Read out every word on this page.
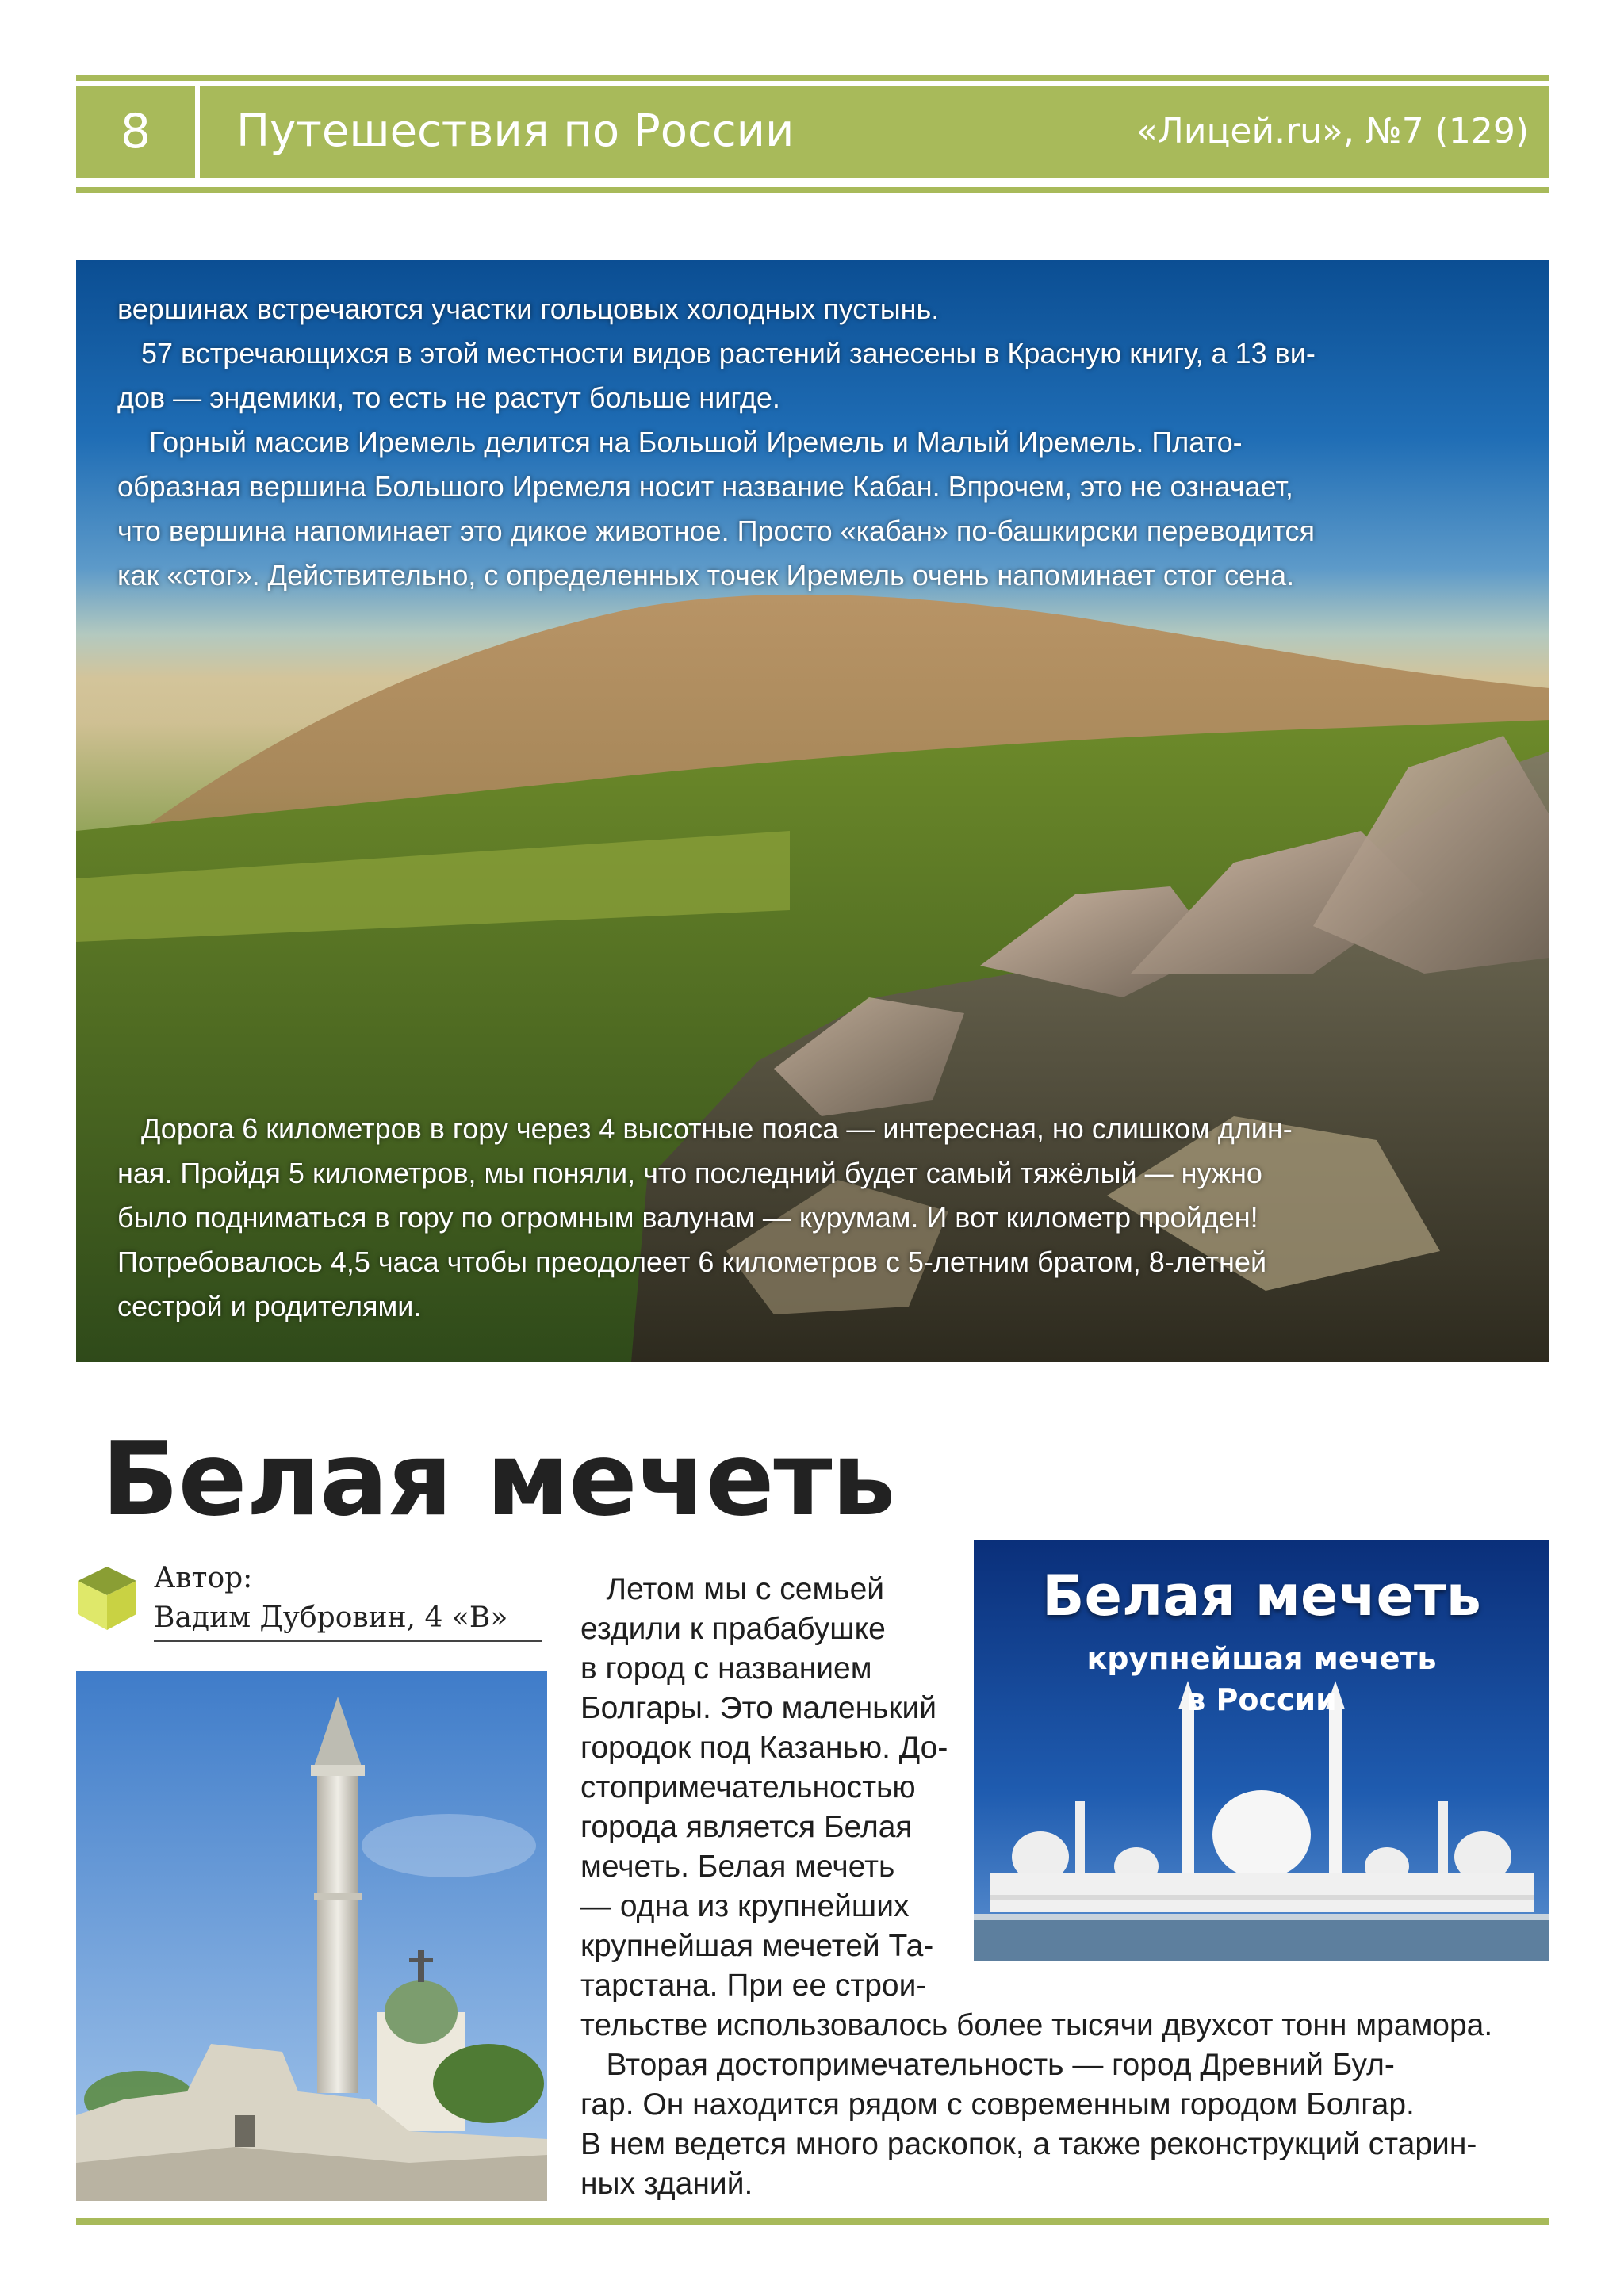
8	Путешествия по России	«Лицей.ru», №7 (129)

вершинах встречаются участки гольцовых холодных пустынь.
57 встречающихся в этой местности видов растений занесены в Красную книгу, а 13 ви-
дов — эндемики, то есть не растут больше нигде.
Горный массив Иремель делится на Большой Иремель и Малый Иремель. Плато-
образная вершина Большого Иремеля носит название Кабан. Впрочем, это не означает,
что вершина напоминает это дикое животное. Просто «кабан» по-башкирски переводится
как «стог». Действительно, с определенных точек Иремель очень напоминает стог сена.

Дорога 6 километров в гору через 4 высотные пояса — интересная, но слишком длин-
ная. Пройдя 5 километров, мы поняли, что последний будет самый тяжёлый — нужно
было подниматься в гору по огромным валунам — курумам. И вот километр пройден!
Потребовалось 4,5 часа чтобы преодолеет 6 километров с 5-летним братом, 8-летней
сестрой и родителями.

Белая мечеть
Автор:
Вадим Дубровин, 4 «В»

Летом мы с семьей
ездили к прабабушке
в город с названием
Болгары. Это маленький
городок под Казанью. До-
стопримечательностью
города является Белая
мечеть. Белая мечеть
— одна из крупнейших
крупнейшая мечетей Та-
тарстана. При ее строи-

тельстве использовалось более тысячи двухсот тонн мрамора.
Вторая достопримечательность — город Древний Бул-
гар. Он находится рядом с современным городом Болгар.
В нем ведется много раскопок, а также реконструкций старин-
ных зданий.

Белая мечеть
крупнейшая мечеть
в России
